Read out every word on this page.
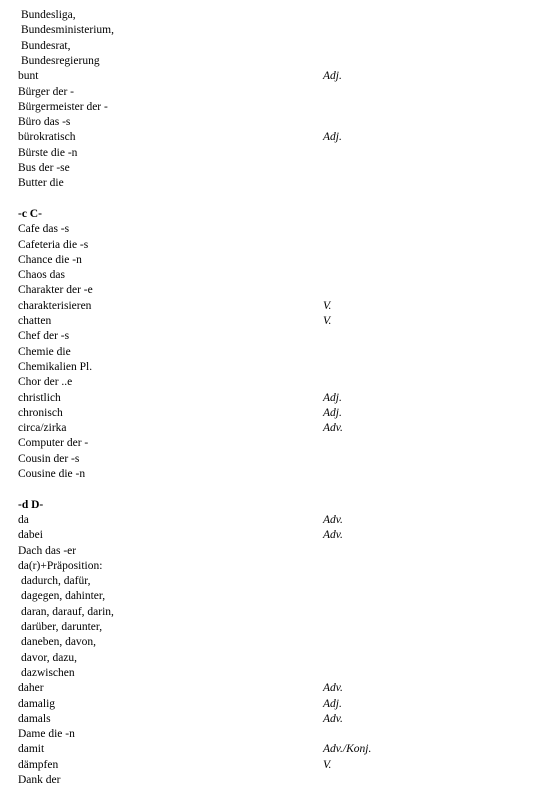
Bundesliga,
Bundesministerium,
Bundesrat,
Bundesregierung
bunt	Adj.
Bürger der -
Bürgermeister der -
Büro das -s
bürokratisch	Adj.
Bürste die -n
Bus der -se
Butter die
-c C-
Cafe das -s
Cafeteria die -s
Chance die -n
Chaos das
Charakter der -e
charakterisieren	V.
chatten	V.
Chef der -s
Chemie die
Chemikalien Pl.
Chor der ..e
christlich	Adj.
chronisch	Adj.
circa/zirka	Adv.
Computer der -
Cousin der -s
Cousine die -n
-d D-
da	Adv.
dabei	Adv.
Dach das -er
da(r)+Präposition:
dadurch, dafür,
dagegen, dahinter,
daran, darauf, darin,
darüber, darunter,
daneben, davon,
davor, dazu,
dazwischen
daher	Adv.
damalig	Adj.
damals	Adv.
Dame die -n
damit	Adv./Konj.
dämpfen	V.
Dank der
